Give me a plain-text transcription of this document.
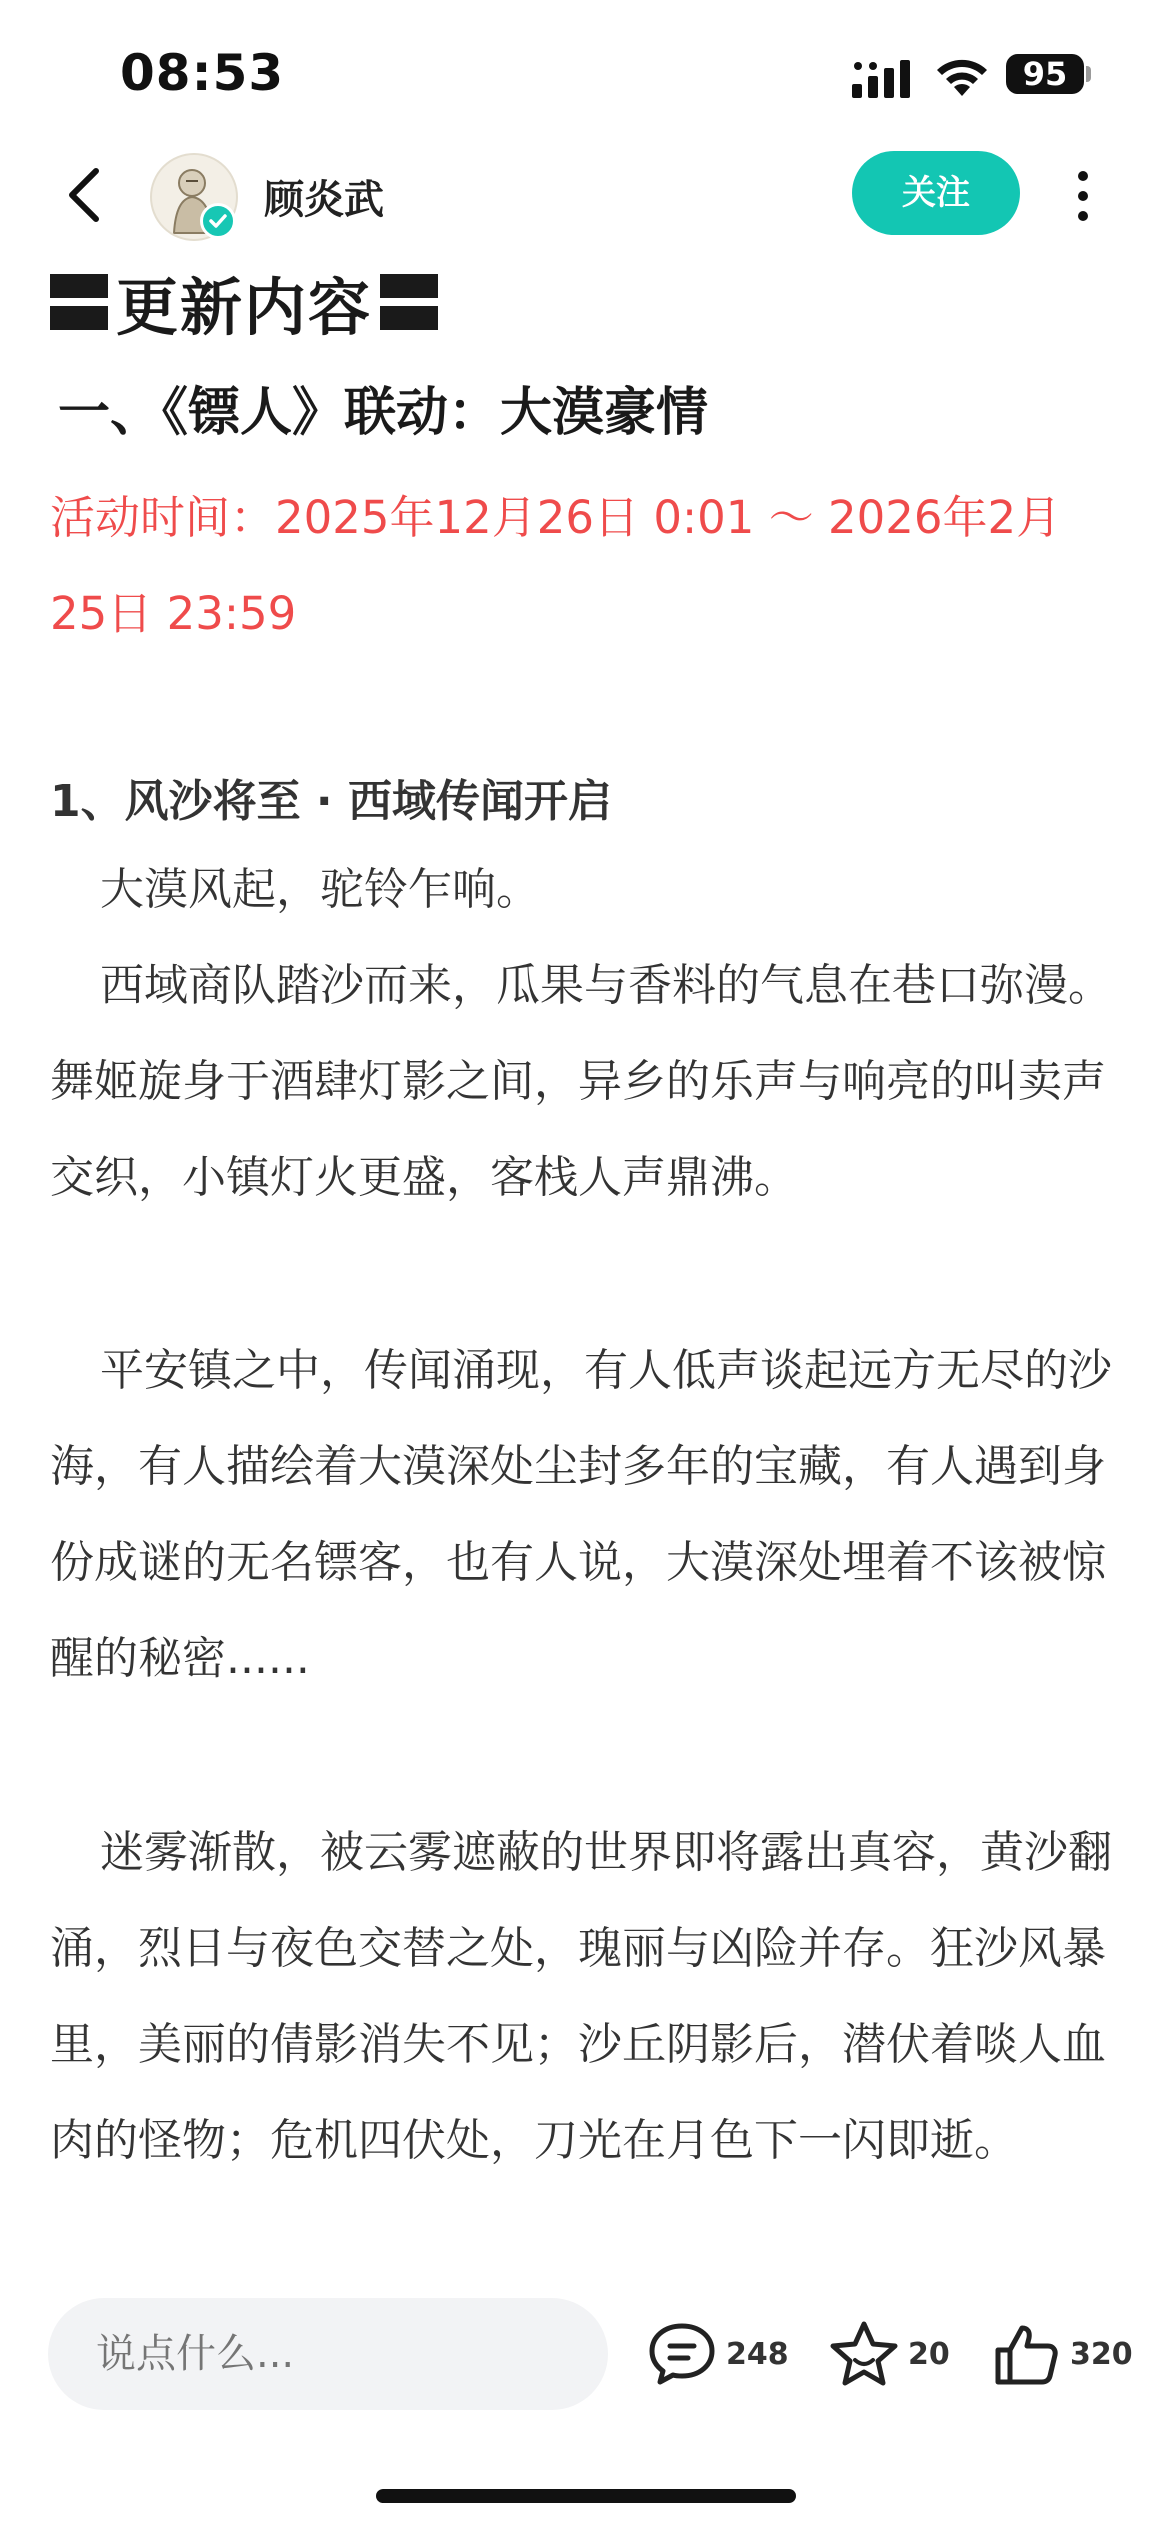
08:53	95
顾炎武	关注
更新内容
一、《镖人》联动：大漠豪情
活动时间：2025年12月26日 0:01 ～ 2026年2月25日 23:59
1、风沙将至 · 西域传闻开启
大漠风起，驼铃乍响。
西域商队踏沙而来，瓜果与香料的气息在巷口弥漫。舞姬旋身于酒肆灯影之间，异乡的乐声与响亮的叫卖声交织，小镇灯火更盛，客栈人声鼎沸。
平安镇之中，传闻涌现，有人低声谈起远方无尽的沙海，有人描绘着大漠深处尘封多年的宝藏，有人遇到身份成谜的无名镖客，也有人说，大漠深处埋着不该被惊醒的秘密......
迷雾渐散，被云雾遮蔽的世界即将露出真容，黄沙翻涌，烈日与夜色交替之处，瑰丽与凶险并存。狂沙风暴里，美丽的倩影消失不见；沙丘阴影后，潜伏着啖人血肉的怪物；危机四伏处，刀光在月色下一闪即逝。
说点什么...
248	20	320
